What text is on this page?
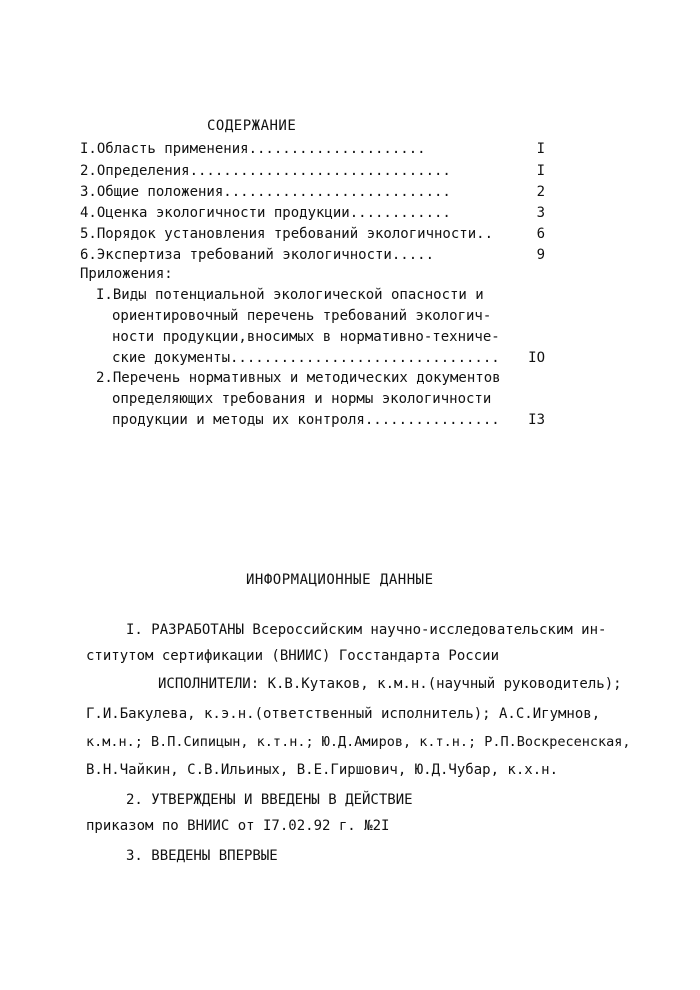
СОДЕРЖАНИЕ
I.Область применения.....................	I
2.Определения...............................	I
3.Общие положения...........................	2
4.Оценка экологичности продукции............	3
5.Порядок установления требований экологичности..	6
6.Экспертиза требований экологичности.....	9
Приложения:
I.Виды потенциальной экологической опасности и
ориентировочный перечень требований экологич-
ности продукции,вносимых в нормативно-техниче-
ские документы................................	IO
2.Перечень нормативных и методических документов
определяющих требования и нормы экологичности
продукции и методы их контроля................	I3
ИНФОРМАЦИОННЫЕ ДАННЫЕ
I. РАЗРАБОТАНЫ Всероссийским научно-исследовательским ин-
ститутом сертификации (ВНИИС) Госстандарта России
ИСПОЛНИТЕЛИ: К.В.Кутаков, к.м.н.(научный руководитель);
Г.И.Бакулева, к.э.н.(ответственный исполнитель); А.С.Игумнов,
к.м.н.; В.П.Сипицын, к.т.н.; Ю.Д.Амиров, к.т.н.; Р.П.Воскресенская,
В.Н.Чайкин, С.В.Ильиных, В.Е.Гиршович, Ю.Д.Чубар, к.х.н.
2. УТВЕРЖДЕНЫ И ВВЕДЕНЫ В ДЕЙСТВИЕ
приказом по ВНИИС от I7.02.92 г. №2I
3. ВВЕДЕНЫ ВПЕРВЫЕ
